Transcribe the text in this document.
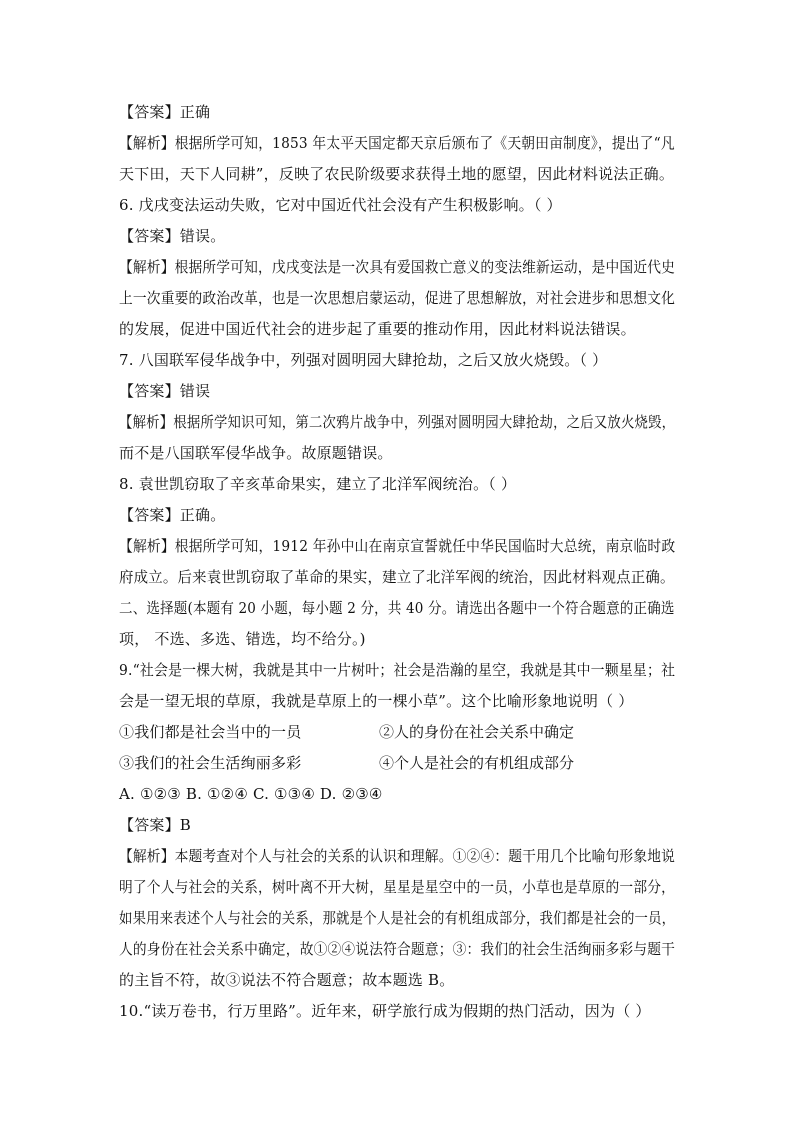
【答案】正确
【解析】根据所学可知，1853 年太平天国定都天京后颁布了《天朝田亩制度》，提出了“凡
天下田，天下人同耕”，反映了农民阶级要求获得土地的愿望，因此材料说法正确。
6. 戊戌变法运动失败，它对中国近代社会没有产生积极影响。（ ）
【答案】错误。
【解析】根据所学可知，戊戌变法是一次具有爱国救亡意义的变法维新运动，是中国近代史
上一次重要的政治改革，也是一次思想启蒙运动，促进了思想解放，对社会进步和思想文化
的发展，促进中国近代社会的进步起了重要的推动作用，因此材料说法错误。
7. 八国联军侵华战争中，列强对圆明园大肆抢劫，之后又放火烧毁。（ ）
【答案】错误
【解析】根据所学知识可知，第二次鸦片战争中，列强对圆明园大肆抢劫，之后又放火烧毁，
而不是八国联军侵华战争。故原题错误。
8. 袁世凯窃取了辛亥革命果实，建立了北洋军阀统治。（ ）
【答案】正确。
【解析】根据所学可知，1912 年孙中山在南京宣誓就任中华民国临时大总统，南京临时政
府成立。后来袁世凯窃取了革命的果实，建立了北洋军阀的统治，因此材料观点正确。
二、选择题(本题有 20 小题，每小题 2 分，共 40 分。请选出各题中一个符合题意的正确选
项， 不选、多选、错选，均不给分。)
9.“社会是一棵大树，我就是其中一片树叶；社会是浩瀚的星空，我就是其中一颗星星；社
会是一望无垠的草原，我就是草原上的一棵小草”。这个比喻形象地说明（ ）
①我们都是社会当中的一员	②人的身份在社会关系中确定
③我们的社会生活绚丽多彩	④个人是社会的有机组成部分
A. ①②③ B. ①②④ C. ①③④ D. ②③④
【答案】B
【解析】本题考查对个人与社会的关系的认识和理解。①②④：题干用几个比喻句形象地说
明了个人与社会的关系，树叶离不开大树，星星是星空中的一员，小草也是草原的一部分，
如果用来表述个人与社会的关系，那就是个人是社会的有机组成部分，我们都是社会的一员，
人的身份在社会关系中确定，故①②④说法符合题意；③：我们的社会生活绚丽多彩与题干
的主旨不符，故③说法不符合题意；故本题选 B。
10.“读万卷书，行万里路”。近年来，研学旅行成为假期的热门活动，因为（ ）
